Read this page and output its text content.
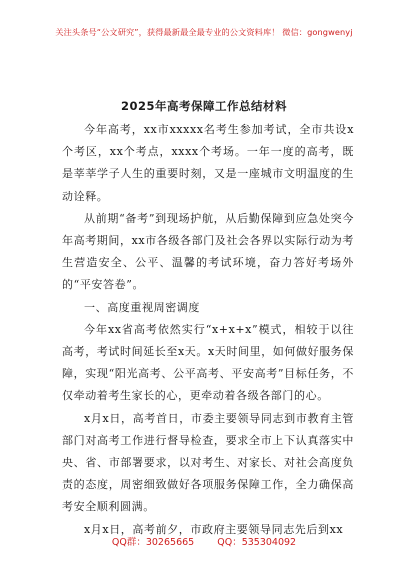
关注头条号“公文研究”，获得最新最全最专业的公文资料库！ 微信：gongwenyj
2025年高考保障工作总结材料

今年高考，xx市xxxxx名考生参加考试，全市共设x个考区，xx个考点，xxxx个考场。一年一度的高考，既是莘莘学子人生的重要时刻，又是一座城市文明温度的生动诠释。

从前期“备考”到现场护航，从后勤保障到应急处突今年高考期间，xx市各级各部门及社会各界以实际行动为考生营造安全、公平、温馨的考试环境，奋力答好考场外的“平安答卷”。

一、高度重视周密调度

今年xx省高考依然实行“x+x+x”模式，相较于以往高考，考试时间延长至x天。x天时间里，如何做好服务保障，实现“阳光高考、公平高考、平安高考”目标任务，不仅牵动着考生家长的心，更牵动着各级各部门的心。

x月x日，高考首日，市委主要领导同志到市教育主管部门对高考工作进行督导检查，要求全市上下认真落实中央、省、市部署要求，以对考生、对家长、对社会高度负责的态度，周密细致做好各项服务保障工作，全力确保高考安全顺利圆满。

x月x日，高考前夕，市政府主要领导同志先后到xx

QQ群：30265665 QQ：535304092
